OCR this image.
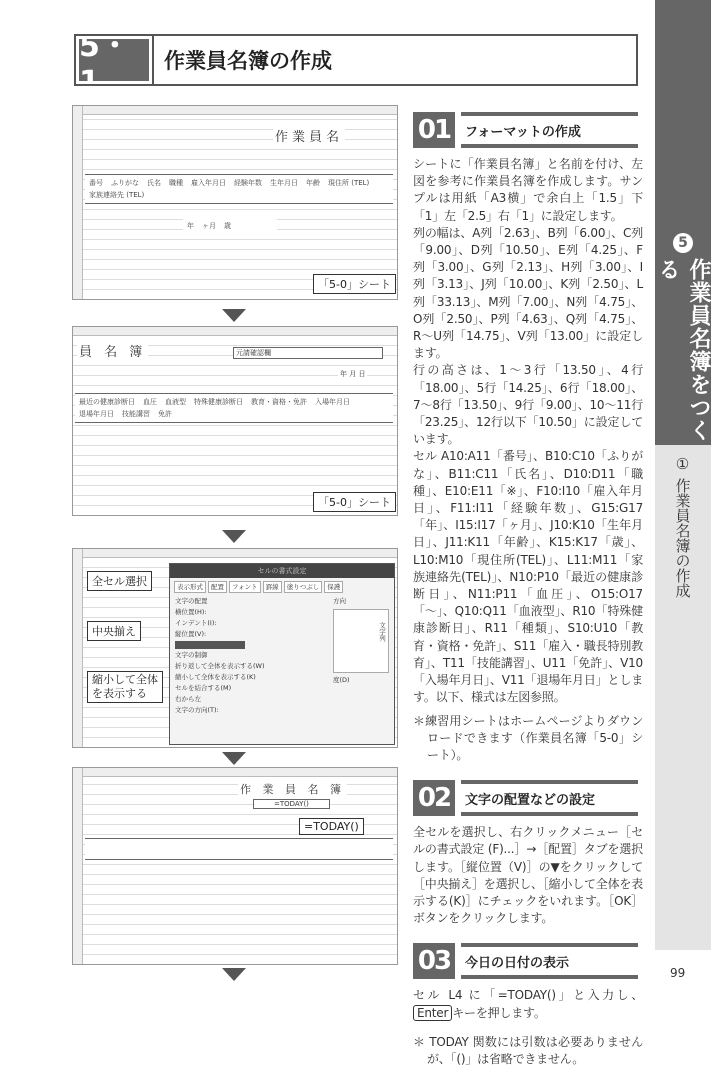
5・1
作業員名簿の作成
5
作業員名簿をつくる
① 作業員名簿の作成
99
作業員名
番号 ふりがな 氏名 職種 雇入年月日 経験年数 生年月日 年齢 現住所 (TEL)
家族連絡先 (TEL)
年 ヶ月 歳
「5-0」シート
員 名 簿	元請確認欄
年 月 日
最近の健康診断日 血圧 血液型 特殊健康診断日 教育・資格・免許 入場年月日
退場年月日 技能講習 免許
「5-0」シート
セルの書式設定
表示形式	配置	フォント	罫線	塗りつぶし	保護
文字の配置
横位置(H):
インデント(I):
縦位置(V):
文字の制御
折り返して全体を表示する(W)
縮小して全体を表示する(K)
セルを結合する(M)
右から左
文字の方向(T):
方向
文字列
度(D)
全セル選択
中央揃え
縮小して全体を表示する
作 業 員 名 簿
=TODAY()
=TODAY()
01	フォーマットの作成

シートに「作業員名簿」と名前を付け、左図を参考に作業員名簿を作成します。サンプルは用紙「A3横」で余白上「1.5」下「1」左「2.5」右「1」に設定します。

列の幅は、A列「2.63」、B列「6.00」、C列「9.00」、D列「10.50」、E列「4.25」、F列「3.00」、G列「2.13」、H列「3.00」、I列「3.13」、J列「10.00」、K列「2.50」、L列「33.13」、M列「7.00」、N列「4.75」、O列「2.50」、P列「4.63」、Q列「4.75」、R〜U列「14.75」、V列「13.00」に設定します。

行の高さは、1〜3行「13.50」、4行「18.00」、5行「14.25」、6行「18.00」、7〜8行「13.50」、9行「9.00」、10〜11行「23.25」、12行以下「10.50」に設定しています。

セル A10:A11「番号」、B10:C10「ふりがな」、B11:C11「氏名」、D10:D11「職種」、E10:E11「※」、F10:I10「雇入年月日」、F11:I11「経験年数」、G15:G17「年」、I15:I17「ヶ月」、J10:K10「生年月日」、J11:K11「年齢」、K15:K17「歳」、L10:M10「現住所(TEL)」、L11:M11「家族連絡先(TEL)」、N10:P10「最近の健康診断日」、N11:P11「血圧」、O15:O17「〜」、Q10:Q11「血液型」、R10「特殊健康診断日」、R11「種類」、S10:U10「教育・資格・免許」、S11「雇入・職長特別教育」、T11「技能講習」、U11「免許」、V10「入場年月日」、V11「退場年月日」とします。以下、様式は左図参照。

＊練習用シートはホームページよりダウンロードできます（作業員名簿「5-0」シート）。

02	文字の配置などの設定

全セルを選択し、右クリックメニュー［セルの書式設定 (F)...］→［配置］タブを選択します。［縦位置（V)］の▼をクリックして［中央揃え］を選択し、［縮小して全体を表示する(K)］にチェックをいれます。［OK］ボタンをクリックします。

03	今日の日付の表示

セル L4 に「=TODAY()」と入力し、 Enter キーを押します。

＊ TODAY 関数には引数は必要ありませんが、「()」は省略できません。
